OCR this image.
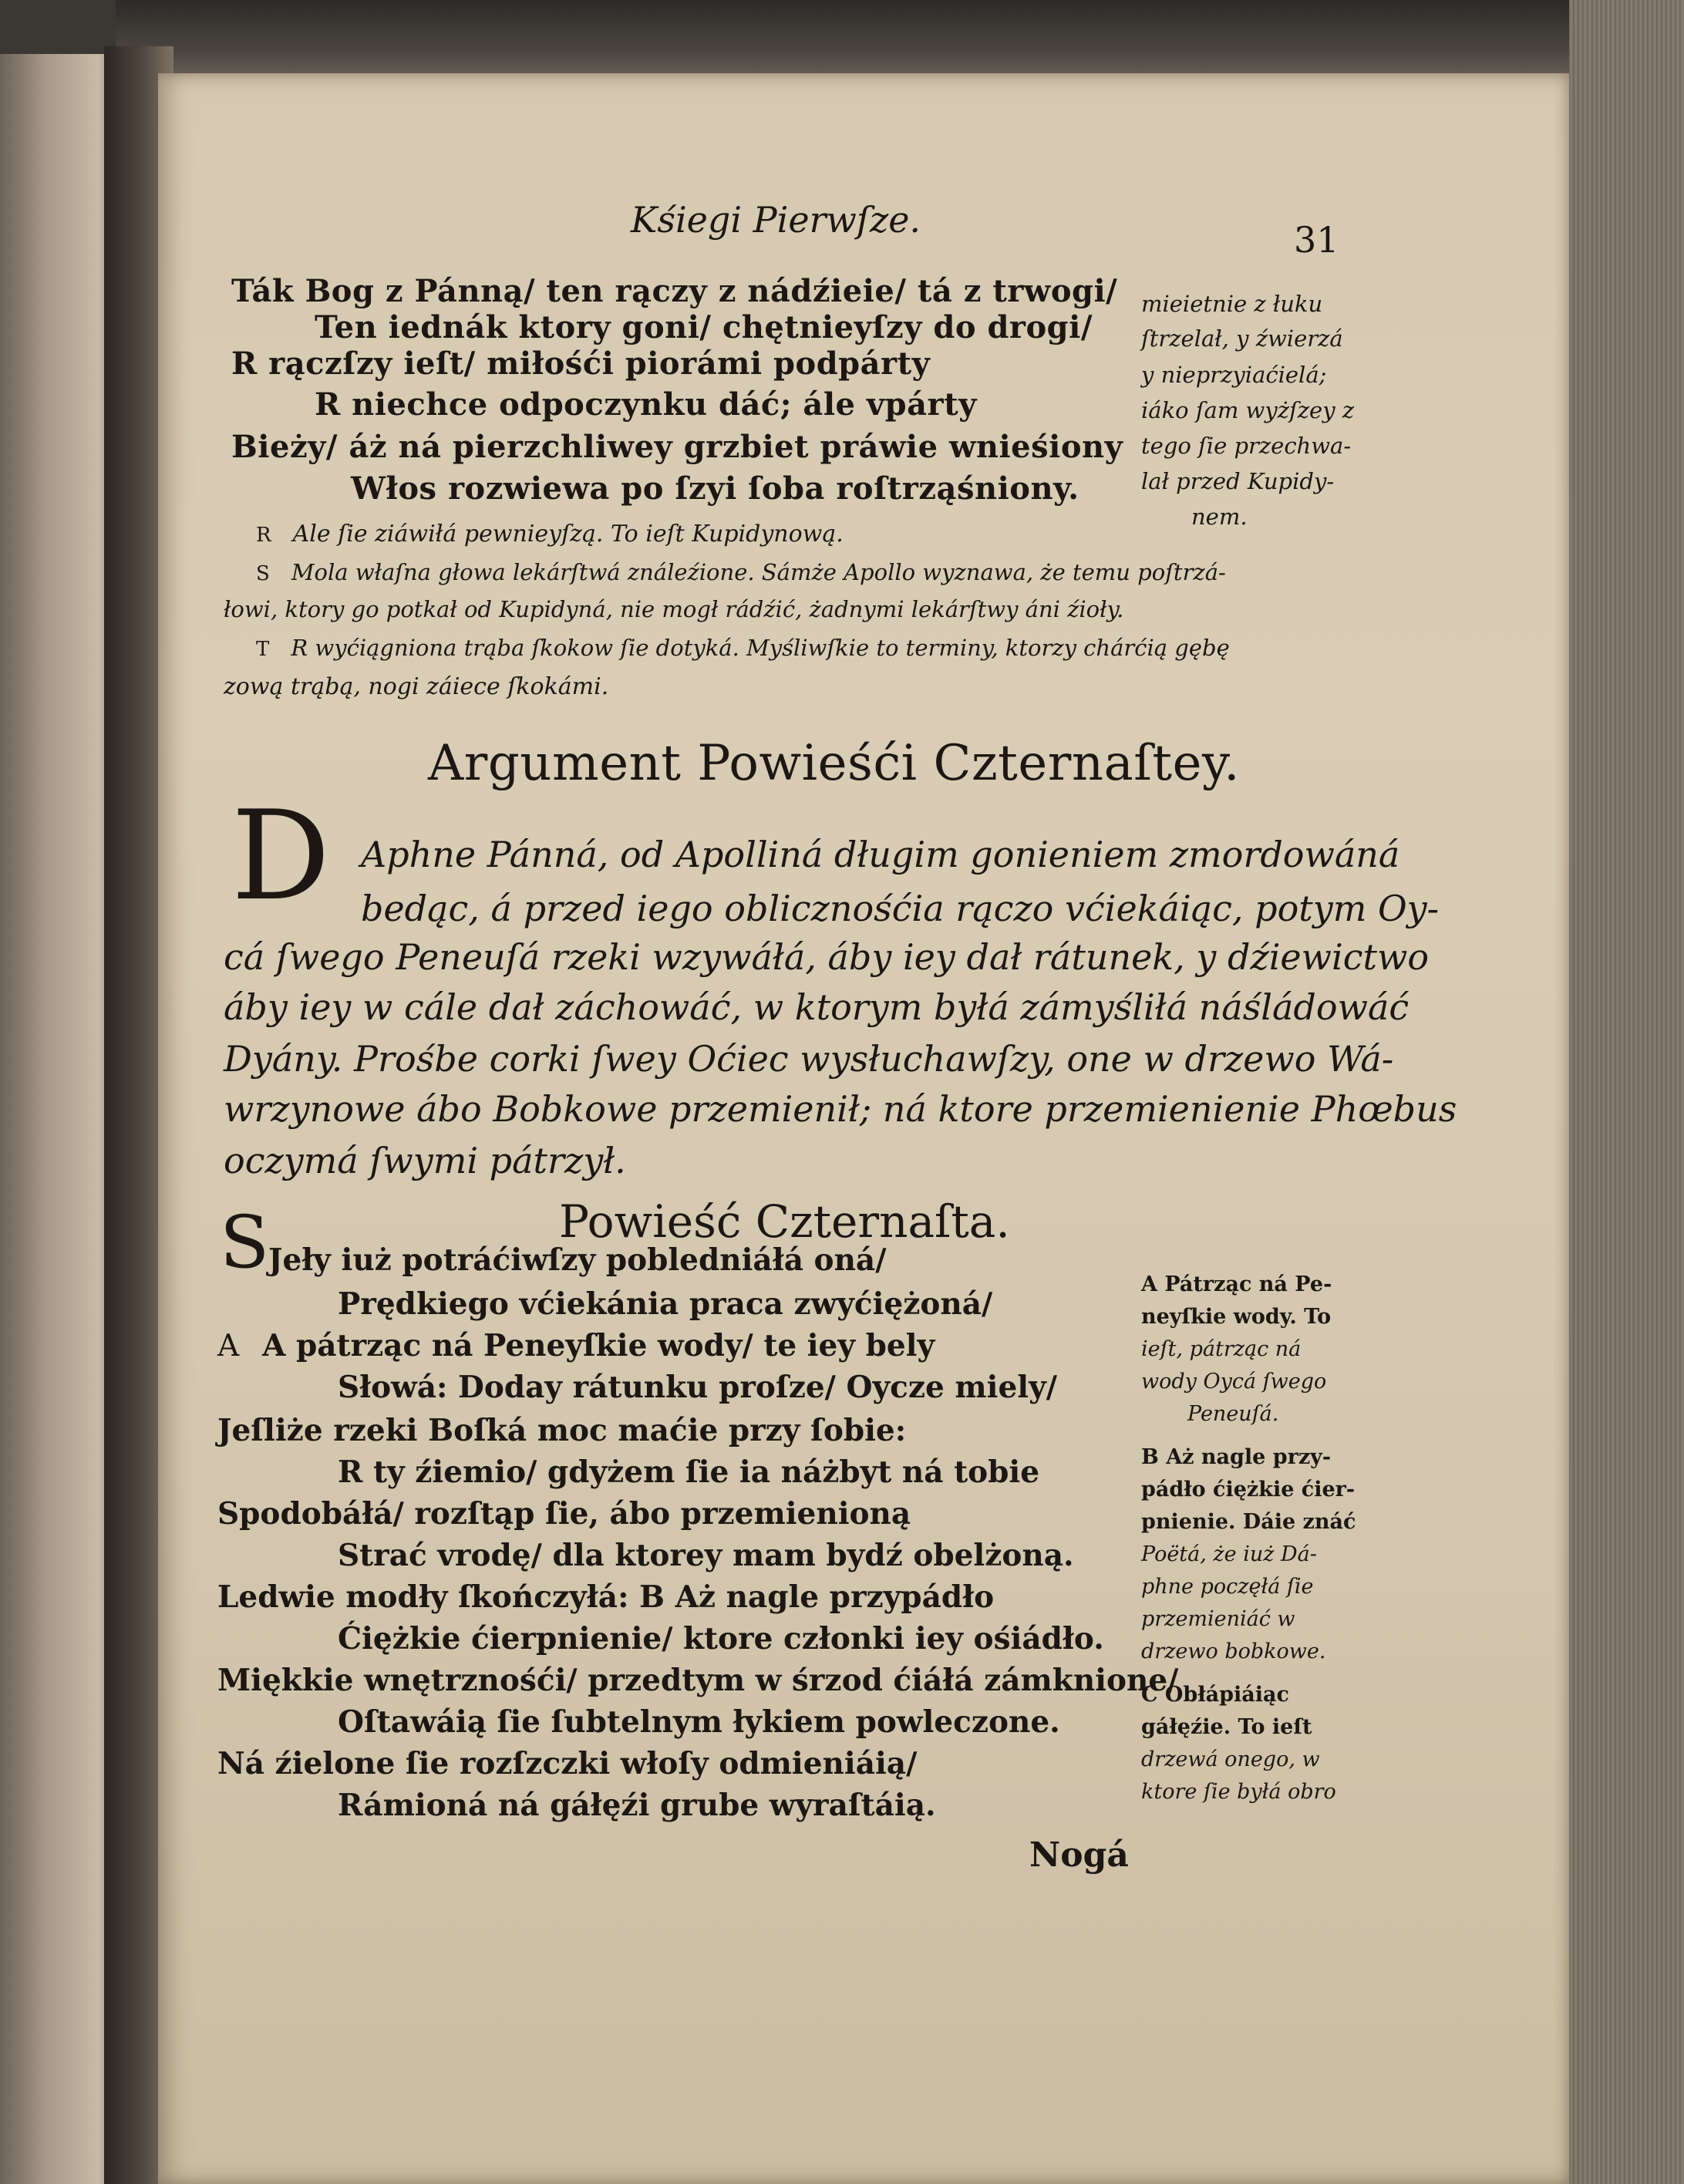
Kśiegi Pierwſze.	31
Ták Bog z Pánną/ ten rączy z nádźieie/ tá z trwogi/
Ten iednák ktory goni/ chętnieyſzy do drogi/
R rączſzy ieſt/ miłośći piorámi podpárty
R niechce odpoczynku dáć; ále vpárty
Bieży/ áż ná pierzchliwey grzbiet práwie wnieśiony
Włos rozwiewa po ſzyi ſoba roſtrząśniony.
mieietnie z łuku
ſtrzelał, y źwierzá
y nieprzyiaćielá;
iáko ſam wyżſzey z
tego ſie przechwa-
lał przed Kupidy-
nem.
R Ale ſie ziáwiłá pewnieyſzą. To ieſt Kupidynową.
S Mola właſna głowa lekárſtwá ználeźione. Sámże Apollo wyznawa, że temu poſtrzá-
łowi, ktory go potkał od Kupidyná, nie mogł rádźić, żadnymi lekárſtwy áni źioły.
T R wyćiągniona trąba ſkokow ſie dotyká. Myśliwſkie to terminy, ktorzy chárćią gębę
zową trąbą, nogi záiece ſkokámi.
Argument Powieśći Czternaſtey.
D Aphne Pánná, od Apolliná długim gonieniem zmordowáná
bedąc, á przed iego oblicznośćia rączo vćiekáiąc, potym Oy-
cá ſwego Peneuſá rzeki wzywáłá, áby iey dał rátunek, y dźiewictwo
áby iey w cále dał záchowáć, w ktorym byłá zámyśliłá náśládowáć
Dyány. Prośbe corki ſwey Oćiec wysłuchawſzy, one w drzewo Wá-
wrzynowe ábo Bobkowe przemienił; ná ktore przemienienie Phœbus
oczymá ſwymi pátrzył.
Powieść Czternaſta.
S
Jeły iuż potráćiwſzy pobledniáłá oná/
Prędkiego vćiekánia praca zwyćiężoná/
A A pátrząc ná Peneyſkie wody/ te iey bely
Słowá: Doday rátunku proſze/ Oycze miely/
Jeſliże rzeki Boſká moc maćie przy ſobie:
R ty źiemio/ gdyżem ſie ia náżbyt ná tobie
Spodobáłá/ rozſtąp ſie, ábo przemienioną
Strać vrodę/ dla ktorey mam bydź obelżoną.
Ledwie modły ſkończyłá: B Aż nagle przypádło
Ćiężkie ćierpnienie/ ktore członki iey ośiádło.
Miękkie wnętrznośći/ przedtym w śrzod ćiáłá zámknione/
Oſtawáią ſie ſubtelnym łykiem powleczone.
Ná źielone ſie rozſzczki włoſy odmieniáią/
Rámioná ná gáłęźi grube wyraſtáią.
A Pátrząc ná Pe-
neyſkie wody. To
ieſt, pátrząc ná
wody Oycá ſwego
Peneuſá.
B Aż nagle przy-
pádło ćiężkie ćier-
pnienie. Dáie znáć
Poëtá, że iuż Dá-
phne poczęłá ſie
przemieniáć w
drzewo bobkowe.
C Obłápiáiąc
gáłęźie. To ieſt
drzewá onego, w
ktore ſie byłá obro
Nogá
